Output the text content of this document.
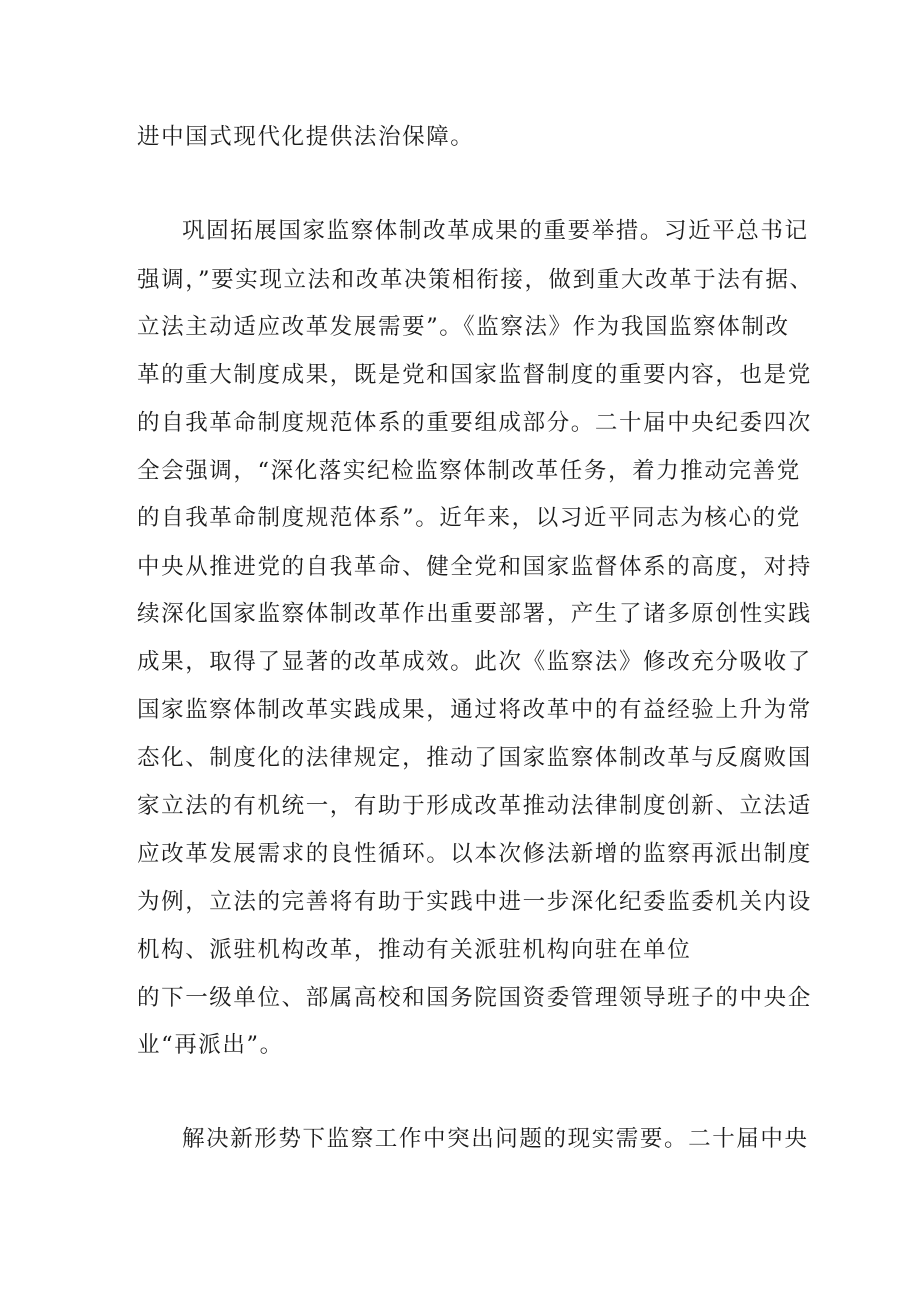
进中国式现代化提供法治保障。
巩固拓展国家监察体制改革成果的重要举措。习近平总书记
强调，”要实现立法和改革决策相衔接，做到重大改革于法有据、
立法主动适应改革发展需要”。《监察法》作为我国监察体制改
革的重大制度成果，既是党和国家监督制度的重要内容，也是党
的自我革命制度规范体系的重要组成部分。二十届中央纪委四次
全会强调，“深化落实纪检监察体制改革任务，着力推动完善党
的自我革命制度规范体系”。近年来，以习近平同志为核心的党
中央从推进党的自我革命、健全党和国家监督体系的高度，对持
续深化国家监察体制改革作出重要部署，产生了诸多原创性实践
成果，取得了显著的改革成效。此次《监察法》修改充分吸收了
国家监察体制改革实践成果，通过将改革中的有益经验上升为常
态化、制度化的法律规定，推动了国家监察体制改革与反腐败国
家立法的有机统一，有助于形成改革推动法律制度创新、立法适
应改革发展需求的良性循环。以本次修法新增的监察再派出制度
为例，立法的完善将有助于实践中进一步深化纪委监委机关内设
机构、派驻机构改革，推动有关派驻机构向驻在单位
的下一级单位、部属高校和国务院国资委管理领导班子的中央企
业“再派出”。
解决新形势下监察工作中突出问题的现实需要。二十届中央
